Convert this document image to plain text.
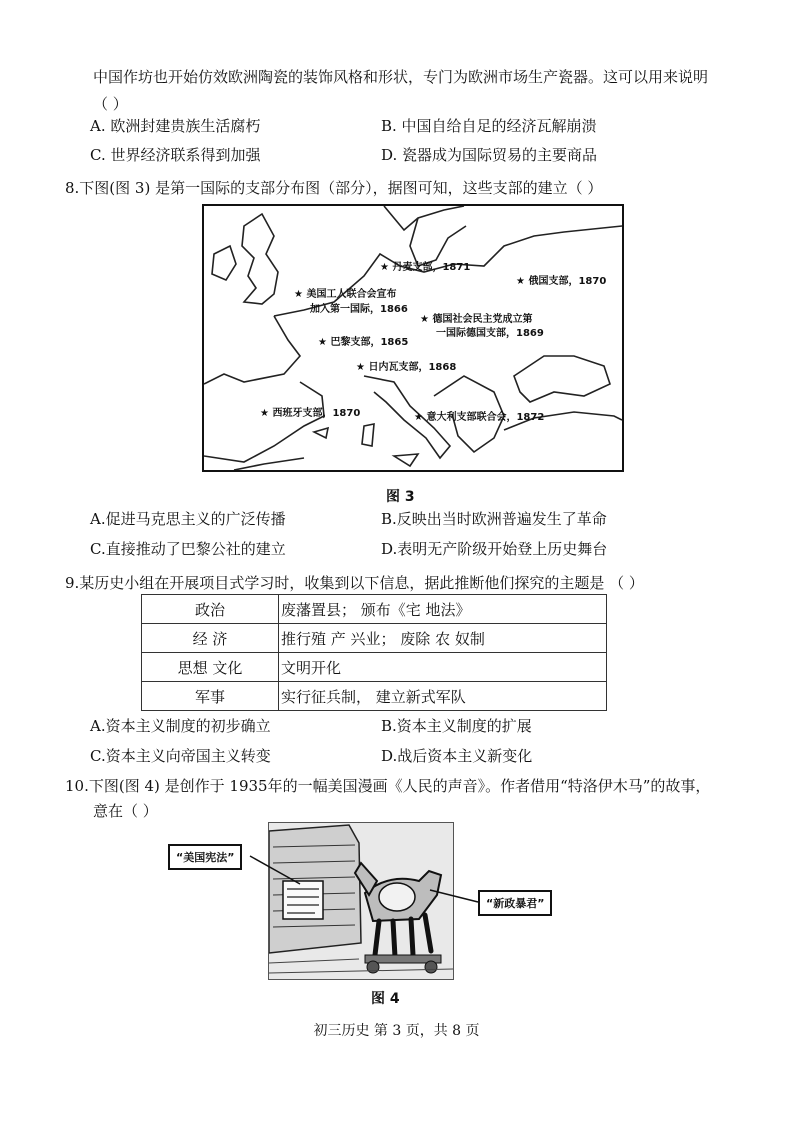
中国作坊也开始仿效欧洲陶瓷的装饰风格和形状，专门为欧洲市场生产瓷器。这可以用来说明
（ ）
A. 欧洲封建贵族生活腐朽	B. 中国自给自足的经济瓦解崩溃
C. 世界经济联系得到加强	D. 瓷器成为国际贸易的主要商品
8.下图(图 3) 是第一国际的支部分布图（部分），据图可知，这些支部的建立（ ）
★ 丹麦支部，1871
★ 俄国支部，1870
★ 美国工人联合会宣布
加入第一国际，1866
★ 德国社会民主党成立第
一国际德国支部，1869
★ 巴黎支部，1865
★ 日内瓦支部，1868
★ 西班牙支部，1870	★ 意大利支部联合会，1872
图 3
A.促进马克思主义的广泛传播	B.反映出当时欧洲普遍发生了革命
C.直接推动了巴黎公社的建立	D.表明无产阶级开始登上历史舞台
9.某历史小组在开展项目式学习时，收集到以下信息，据此推断他们探究的主题是 （ ）
政治	废藩置县； 颁布《宅 地法》
经 济	推行殖 产 兴业； 废除 农 奴制
思想 文化	文明开化
军事	实行征兵制， 建立新式军队
A.资本主义制度的初步确立	B.资本主义制度的扩展
C.资本主义向帝国主义转变	D.战后资本主义新变化
10.下图(图 4) 是创作于 1935年的一幅美国漫画《人民的声音》。作者借用“特洛伊木马”的故事，
意在（ ）
“美国宪法”
“新政暴君”
图 4
初三历史 第 3 页，共 8 页
